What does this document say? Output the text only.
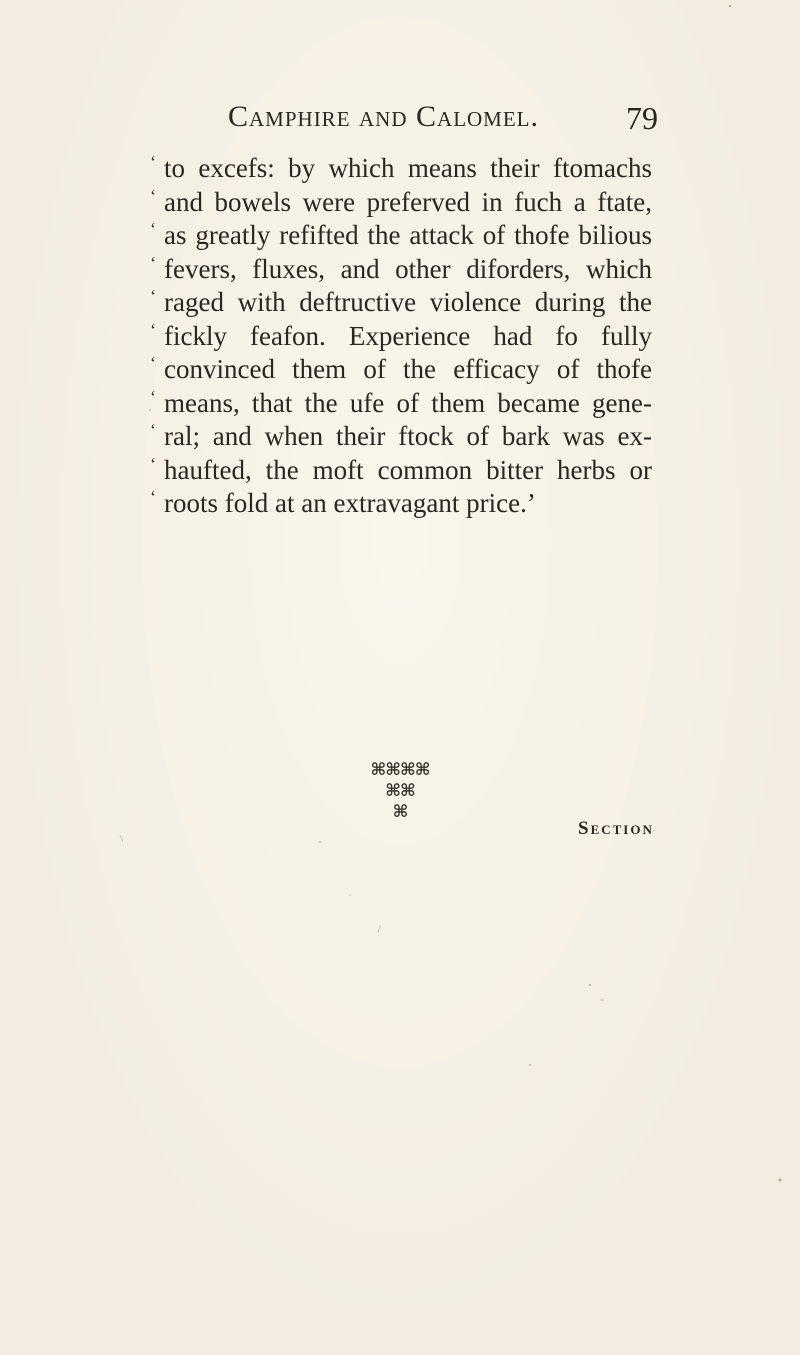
Camphire and Calomel.	79
‘ to excefs: by which means their ftomachs
‘ and bowels were preferved in fuch a ftate,
‘ as greatly refifted the attack of thofe bilious
‘ fevers, fluxes, and other diforders, which
‘ raged with deftructive violence during the
‘ fickly feafon. Experience had fo fully
‘ convinced them of the efficacy of thofe
‘ means, that the ufe of them became gene-
‘ ral; and when their ftock of bark was ex-
‘ haufted, the moft common bitter herbs or
‘ roots fold at an extravagant price.’
⌘⌘⌘⌘
⌘⌘
⌘
Section
